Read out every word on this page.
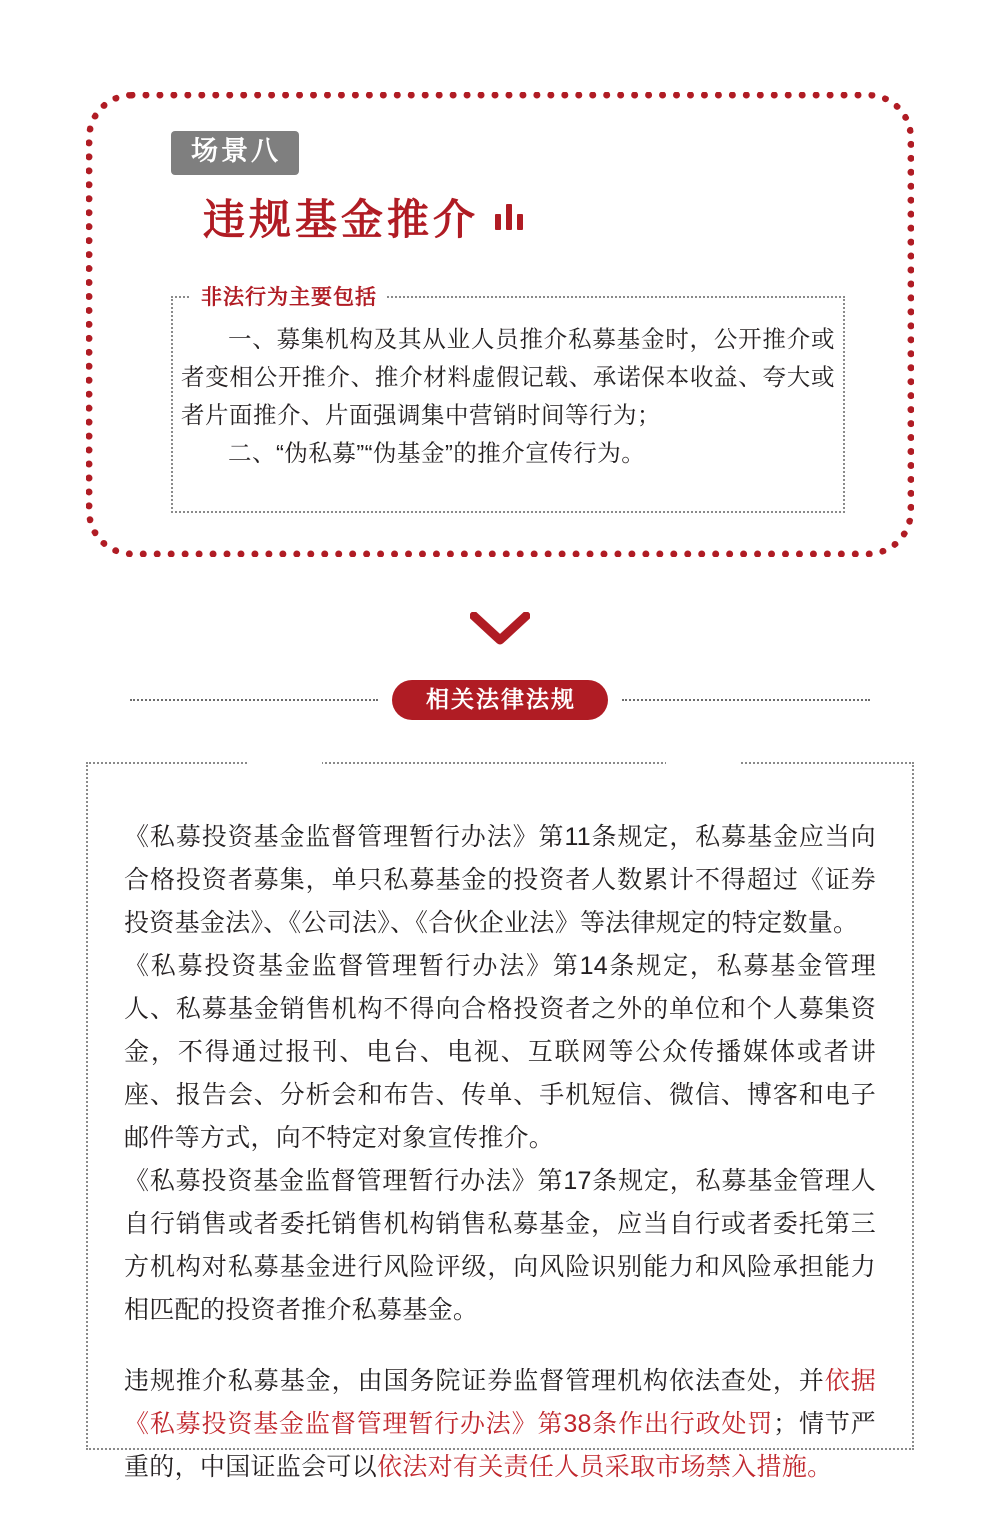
场景八
违规基金推介
非法行为主要包括

一、募集机构及其从业人员推介私募基金时，公开推介或者变相公开推介、推介材料虚假记载、承诺保本收益、夸大或者片面推介、片面强调集中营销时间等行为；

二、“伪私募”“伪基金”的推介宣传行为。

相关法律法规

《私募投资基金监督管理暂行办法》第11条规定，私募基金应当向合格投资者募集，单只私募基金的投资者人数累计不得超过《证券投资基金法》、《公司法》、《合伙企业法》等法律规定的特定数量。

《私募投资基金监督管理暂行办法》第14条规定，私募基金管理人、私募基金销售机构不得向合格投资者之外的单位和个人募集资金，不得通过报刊、电台、电视、互联网等公众传播媒体或者讲座、报告会、分析会和布告、传单、手机短信、微信、博客和电子邮件等方式，向不特定对象宣传推介。

《私募投资基金监督管理暂行办法》第17条规定，私募基金管理人自行销售或者委托销售机构销售私募基金，应当自行或者委托第三方机构对私募基金进行风险评级，向风险识别能力和风险承担能力相匹配的投资者推介私募基金。

违规推介私募基金，由国务院证券监督管理机构依法查处，并依据《私募投资基金监督管理暂行办法》第38条作出行政处罚；情节严重的，中国证监会可以依法对有关责任人员采取市场禁入措施。
